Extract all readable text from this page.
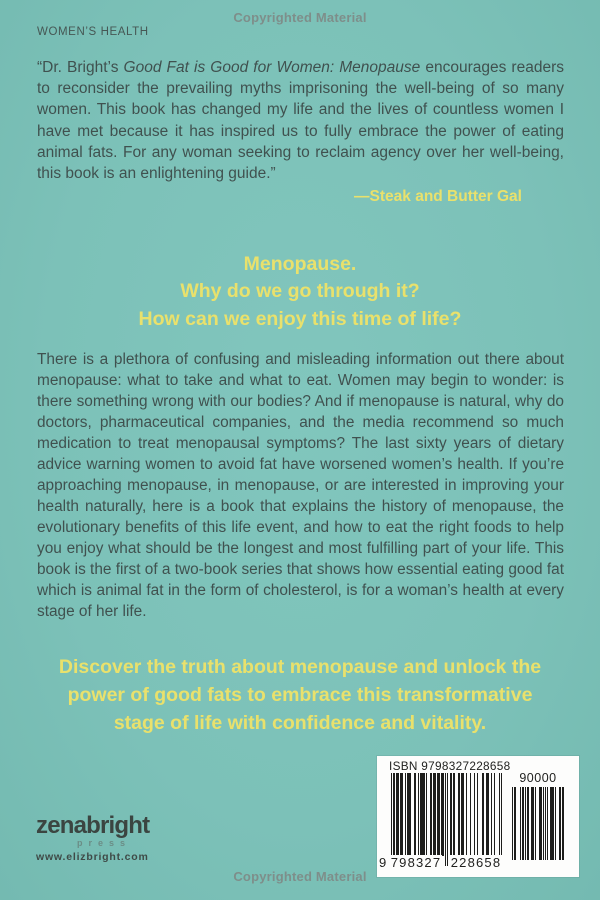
Copyrighted Material
WOMEN’S HEALTH

“Dr. Bright’s Good Fat is Good for Women: Menopause encourages readers to reconsider the prevailing myths imprisoning the well-being of so many women. This book has changed my life and the lives of countless women I have met because it has inspired us to fully embrace the power of eating animal fats. For any woman seeking to reclaim agency over her well-being, this book is an enlightening guide.”

—Steak and Butter Gal
Menopause.
Why do we go through it?
How can we enjoy this time of life?

There is a plethora of confusing and misleading information out there about menopause: what to take and what to eat. Women may begin to wonder: is there something wrong with our bodies? And if menopause is natural, why do doctors, pharmaceutical companies, and the media recommend so much medication to treat menopausal symptoms? The last sixty years of dietary advice warning women to avoid fat have worsened women’s health. If you’re approaching menopause, in menopause, or are interested in improving your health naturally, here is a book that explains the history of menopause, the evolutionary benefits of this life event, and how to eat the right foods to help you enjoy what should be the longest and most fulfilling part of your life. This book is the first of a two-book series that shows how essential eating good fat which is animal fat in the form of cholesterol, is for a woman’s health at every stage of her life.

Discover the truth about menopause and unlock the
power of good fats to embrace this transformative
stage of life with confidence and vitality.
zenabright
press
www.elizbright.com
ISBN 9798327228658
9 798327 228658
90000
Copyrighted Material
